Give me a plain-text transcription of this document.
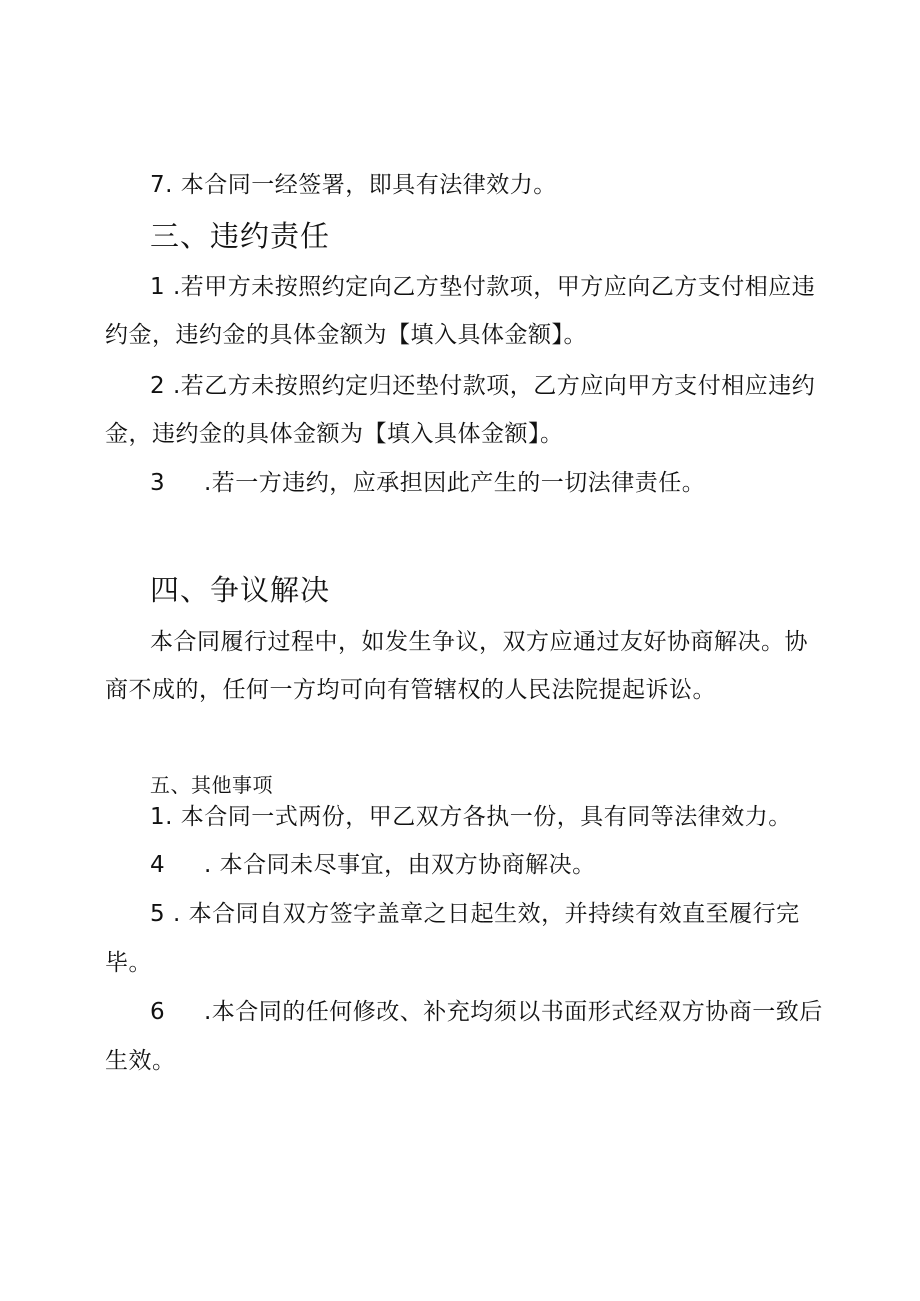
7. 本合同一经签署，即具有法律效力。
三、违约责任
1 .若甲方未按照约定向乙方垫付款项，甲方应向乙方支付相应违
约金，违约金的具体金额为【填入具体金额】。
2 .若乙方未按照约定归还垫付款项，乙方应向甲方支付相应违约
金，违约金的具体金额为【填入具体金额】。
3 .若一方违约，应承担因此产生的一切法律责任。
四、争议解决
本合同履行过程中，如发生争议，双方应通过友好协商解决。协
商不成的，任何一方均可向有管辖权的人民法院提起诉讼。
五、其他事项
1. 本合同一式两份，甲乙双方各执一份，具有同等法律效力。
4 . 本合同未尽事宜，由双方协商解决。
5 . 本合同自双方签字盖章之日起生效，并持续有效直至履行完
毕。
6 .本合同的任何修改、补充均须以书面形式经双方协商一致后
生效。
